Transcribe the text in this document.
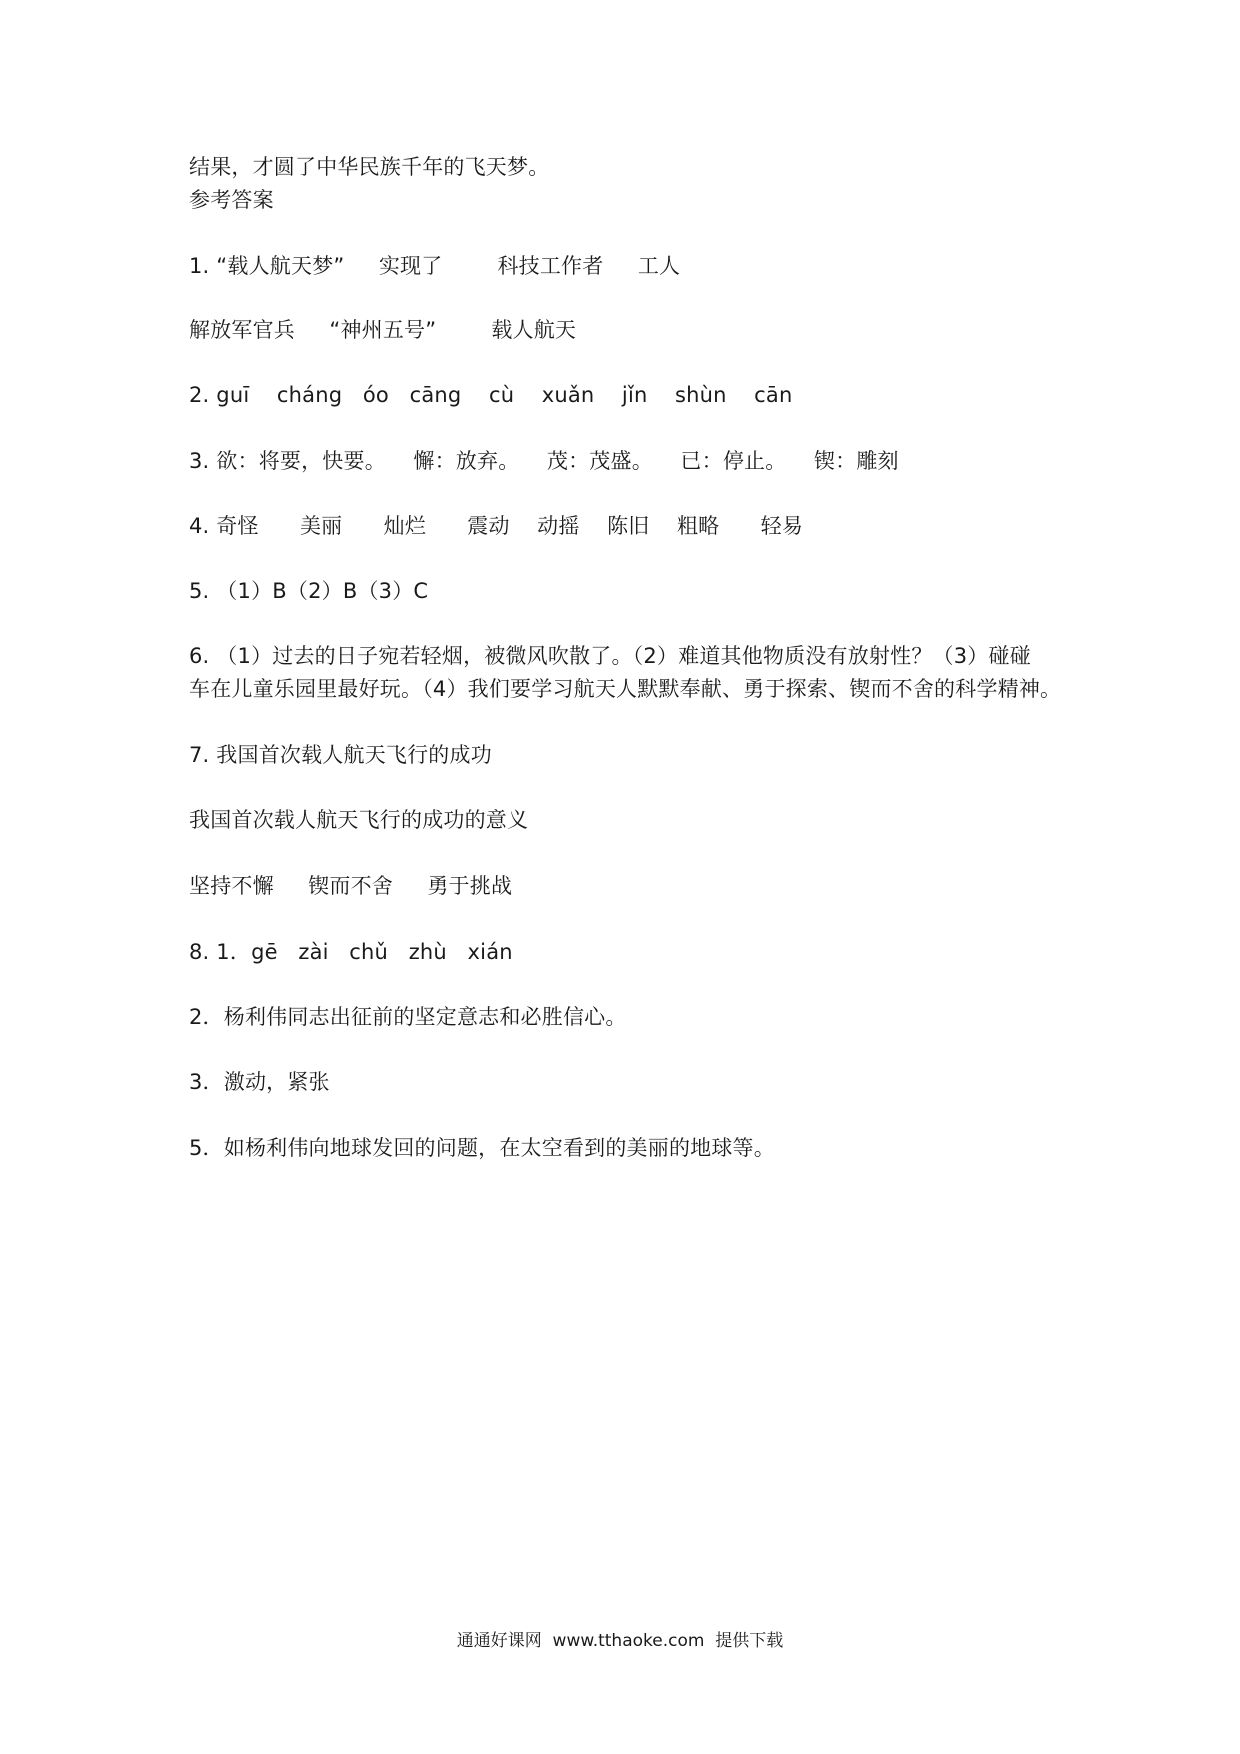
结果，才圆了中华民族千年的飞天梦。
参考答案
1. “载人航天梦”     实现了        科技工作者     工人
解放军官兵     “神州五号”        载人航天
2. guī    cháng   óo   cāng    cù    xuǎn    jǐn    shùn    cān
3. 欲：将要，快要。    懈：放弃。    茂：茂盛。    已：停止。    锲：雕刻
4. 奇怪      美丽      灿烂      震动    动摇    陈旧    粗略      轻易
5. （1）B（2）B（3）C
6. （1）过去的日子宛若轻烟，被微风吹散了。（2）难道其他物质没有放射性？（3）碰碰
车在儿童乐园里最好玩。（4）我们要学习航天人默默奉献、勇于探索、锲而不舍的科学精神。
7. 我国首次载人航天飞行的成功
我国首次载人航天飞行的成功的意义
坚持不懈     锲而不舍     勇于挑战
8. 1．gē   zài   chǔ   zhù   xián
2．杨利伟同志出征前的坚定意志和必胜信心。
3．激动，紧张
5．如杨利伟向地球发回的问题，在太空看到的美丽的地球等。
通通好课网  www.tthaoke.com  提供下载
